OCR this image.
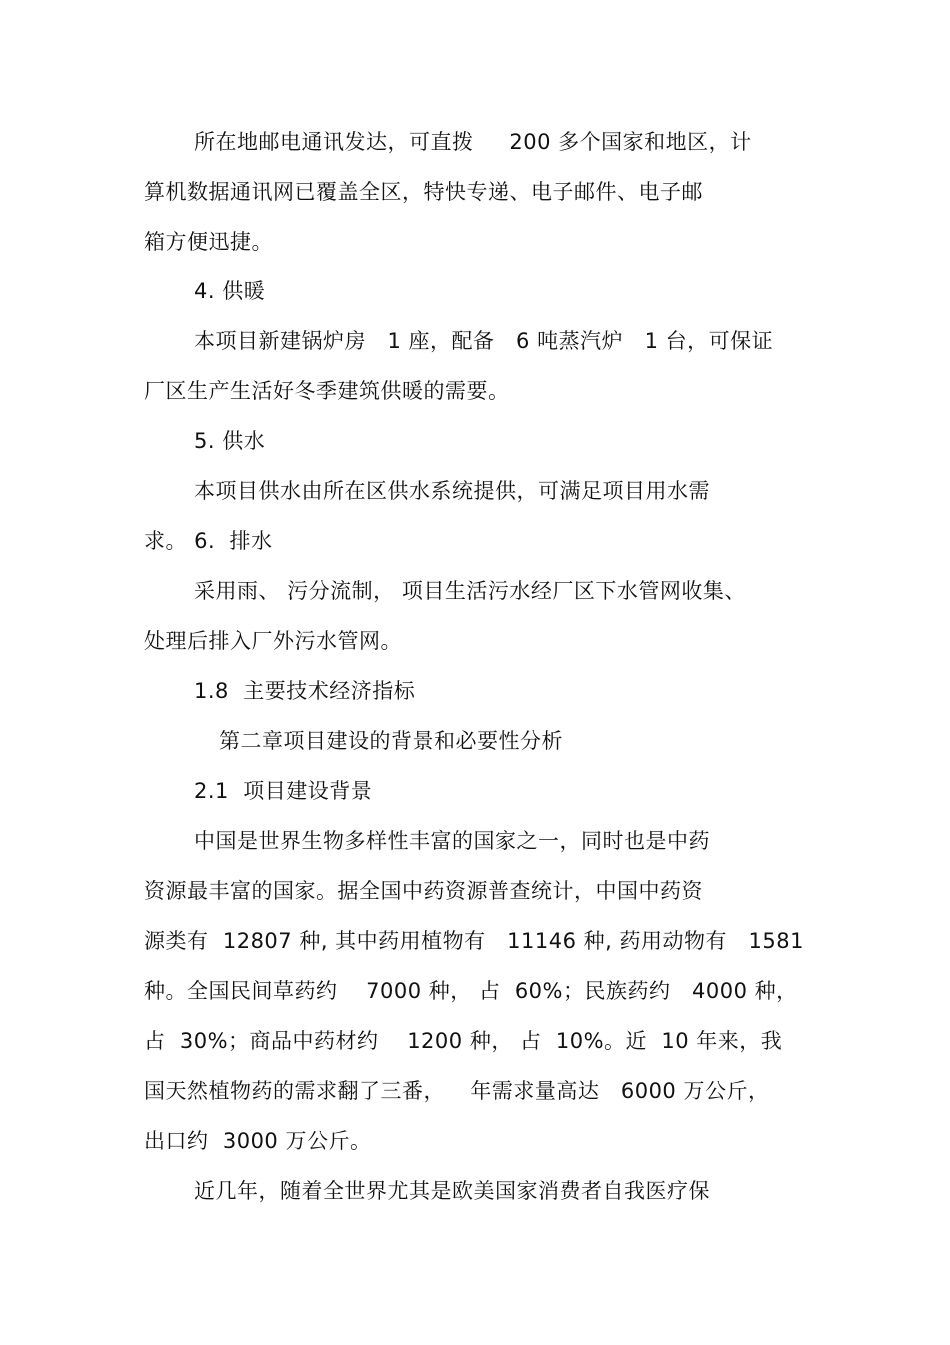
所在地邮电通讯发达，可直拨　  200 多个国家和地区，计
算机数据通讯网已覆盖全区，特快专递、电子邮件、电子邮
箱方便迅捷。
4. 供暖
本项目新建锅炉房　1 座，配备　6 吨蒸汽炉　1 台，可保证
厂区生产生活好冬季建筑供暖的需要。
5. 供水
本项目供水由所在区供水系统提供，可满足项目用水需
求。 6.  排水
采用雨、 污分流制， 项目生活污水经厂区下水管网收集、
处理后排入厂外污水管网。
1.8  主要技术经济指标
第二章项目建设的背景和必要性分析
2.1  项目建设背景
中国是世界生物多样性丰富的国家之一，同时也是中药
资源最丰富的国家。据全国中药资源普查统计，中国中药资
源类有  12807 种, 其中药用植物有　11146 种, 药用动物有　1581
种。全国民间草药约　 7000 种， 占  60%；民族药约　4000 种，
占  30%；商品中药材约　 1200 种， 占  10%。近  10 年来，我
国天然植物药的需求翻了三番，　  年需求量高达　6000 万公斤，
出口约  3000 万公斤。
近几年，随着全世界尤其是欧美国家消费者自我医疗保
